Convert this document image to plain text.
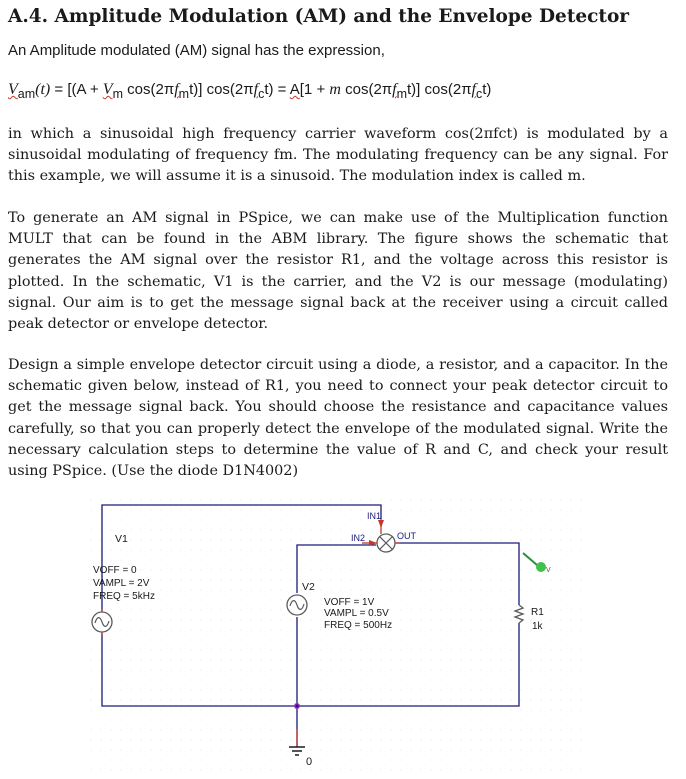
A.4. Amplitude Modulation (AM) and the Envelope Detector

An Amplitude modulated (AM) signal has the expression,

$V_{am}(t) = [(A + V_m$ $\cos(2\pi f_mt)$] $\cos(2\pi f_ct) = A[1 + m$ $\cos(2\pi f_mt)$] $\cos(2\pi f_ct)$

in which a sinusoidal high frequency carrier waveform cos(2πfct) is modulated by a sinusoidal modulating of frequency fm. The modulating frequency can be any signal. For this example, we will assume it is a sinusoid. The modulation index is called m.

To generate an AM signal in PSpice, we can make use of the Multiplication function MULT that can be found in the ABM library. The figure shows the schematic that generates the AM signal over the resistor R1, and the voltage across this resistor is plotted. In the schematic, V1 is the carrier, and the V2 is our message (modulating) signal. Our aim is to get the message signal back at the receiver using a circuit called peak detector or envelope detector.

Design a simple envelope detector circuit using a diode, a resistor, and a capacitor. In the schematic given below, instead of R1, you need to connect your peak detector circuit to get the message signal back. You should choose the resistance and capacitance values carefully, so that you can properly detect the envelope of the modulated signal. Write the necessary calculation steps to determine the value of R and C, and check your result using PSpice. (Use the diode D1N4002)

V1
VOFF = 0
VAMPL = 2V
FREQ = 5kHz
V2
VOFF = 1V
VAMPL = 0.5V
FREQ = 500Hz
IN1
IN2	OUT
R1
1k
V
0
